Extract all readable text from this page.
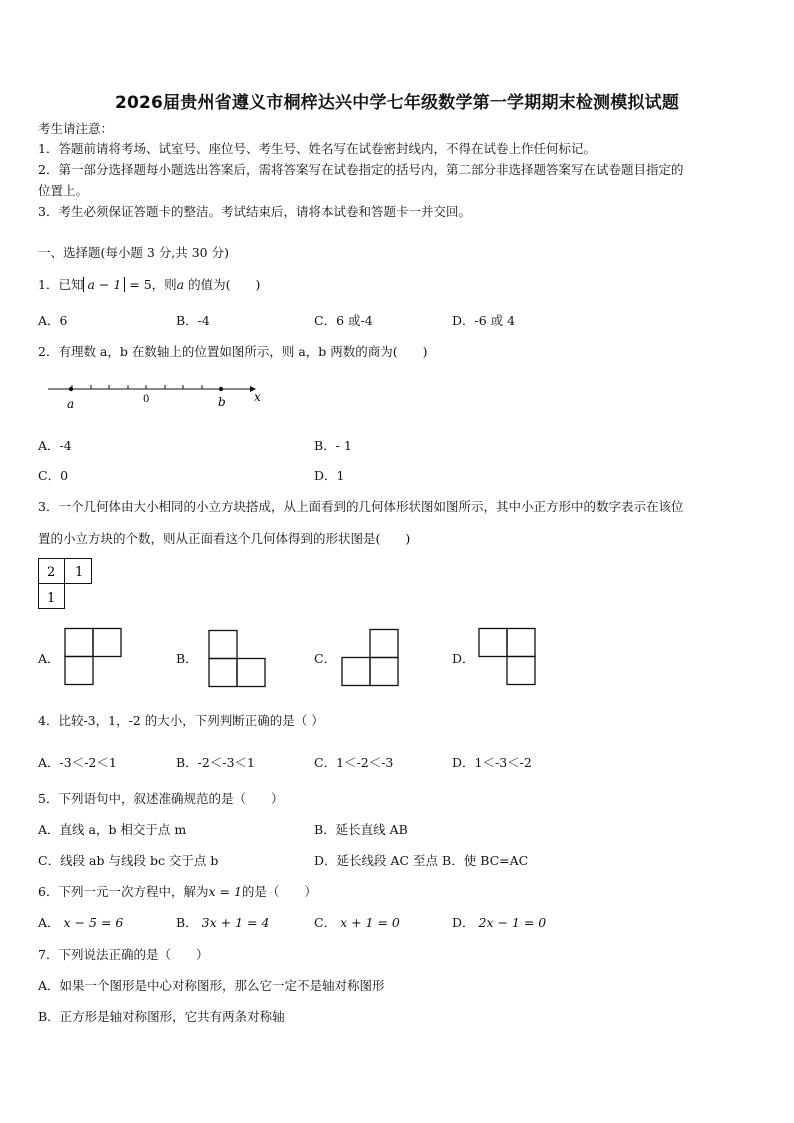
2026届贵州省遵义市桐梓达兴中学七年级数学第一学期期末检测模拟试题
考生请注意：
1．答题前请将考场、试室号、座位号、考生号、姓名写在试卷密封线内，不得在试卷上作任何标记。
2．第一部分选择题每小题选出答案后，需将答案写在试卷指定的括号内，第二部分非选择题答案写在试卷题目指定的
位置上。
3．考生必须保证答题卡的整洁。考试结束后，请将本试卷和答题卡一并交回。
一、选择题(每小题 3 分,共 30 分)
1．已知 a − 1 = 5，则a 的值为(　　)
A．6	B．-4	C．6 或-4	D．-6 或 4
2．有理数 a，b 在数轴上的位置如图所示，则 a，b 两数的商为(　　)
a	0	b x
A．-4	B．- 1
C．0	D．1
3．一个几何体由大小相同的小立方块搭成，从上面看到的几何体形状图如图所示，其中小正方形中的数字表示在该位
置的小立方块的个数，则从正面看这个几何体得到的形状图是(　　)
2 1
1
A．	B．	C．	D．
4．比较-3，1，-2 的大小，下列判断正确的是（ ）
A．-3＜-2＜1	B．-2＜-3＜1	C．1＜-2＜-3	D．1＜-3＜-2
5．下列语句中，叙述准确规范的是（　　）
A．直线 a，b 相交于点 m	B．延长直线 AB
C．线段 ab 与线段 bc 交于点 b	D．延长线段 AC 至点 B．使 BC=AC
6．下列一元一次方程中，解为x = 1的是（　　）
A． x − 5 = 6	B． 3x + 1 = 4	C． x + 1 = 0	D． 2x − 1 = 0
7．下列说法正确的是（　　）
A．如果一个图形是中心对称图形，那么它一定不是轴对称图形
B．正方形是轴对称图形，它共有两条对称轴
